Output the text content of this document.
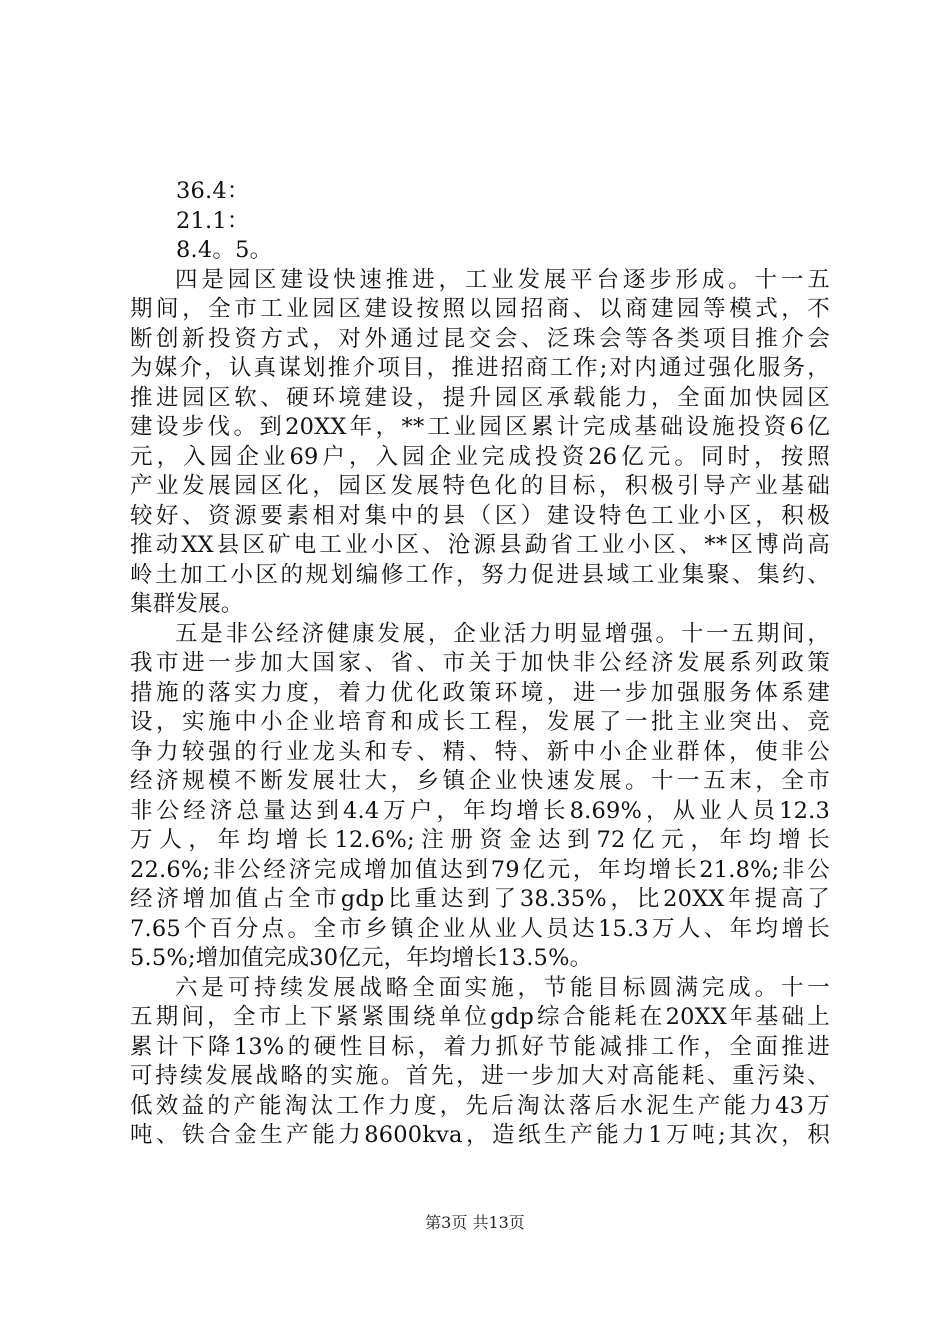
36.4：
21.1：
8.4。5。
四是园区建设快速推进，工业发展平台逐步形成。十一五
期间，全市工业园区建设按照以园招商、以商建园等模式，不
断创新投资方式，对外通过昆交会、泛珠会等各类项目推介会
为媒介，认真谋划推介项目，推进招商工作;对内通过强化服务，
推进园区软、硬环境建设，提升园区承载能力，全面加快园区
建设步伐。到20XX年，**工业园区累计完成基础设施投资6亿
元，入园企业69户，入园企业完成投资26亿元。同时，按照
产业发展园区化，园区发展特色化的目标，积极引导产业基础
较好、资源要素相对集中的县（区）建设特色工业小区，积极
推动XX县区矿电工业小区、沧源县勐省工业小区、**区博尚高
岭土加工小区的规划编修工作，努力促进县域工业集聚、集约、
集群发展。
五是非公经济健康发展，企业活力明显增强。十一五期间，
我市进一步加大国家、省、市关于加快非公经济发展系列政策
措施的落实力度，着力优化政策环境，进一步加强服务体系建
设，实施中小企业培育和成长工程，发展了一批主业突出、竞
争力较强的行业龙头和专、精、特、新中小企业群体，使非公
经济规模不断发展壮大，乡镇企业快速发展。十一五末，全市
非公经济总量达到4.4万户，年均增长8.69%，从业人员12.3
万人，年均增长12.6%;注册资金达到72亿元，年均增长
22.6%;非公经济完成增加值达到79亿元，年均增长21.8%;非公
经济增加值占全市gdp比重达到了38.35%，比20XX年提高了
7.65个百分点。全市乡镇企业从业人员达15.3万人、年均增长
5.5%;增加值完成30亿元，年均增长13.5%。
六是可持续发展战略全面实施，节能目标圆满完成。十一
五期间，全市上下紧紧围绕单位gdp综合能耗在20XX年基础上
累计下降13%的硬性目标，着力抓好节能减排工作，全面推进
可持续发展战略的实施。首先，进一步加大对高能耗、重污染、
低效益的产能淘汰工作力度，先后淘汰落后水泥生产能力43万
吨、铁合金生产能力8600kva，造纸生产能力1万吨;其次，积
第3页 共13页
